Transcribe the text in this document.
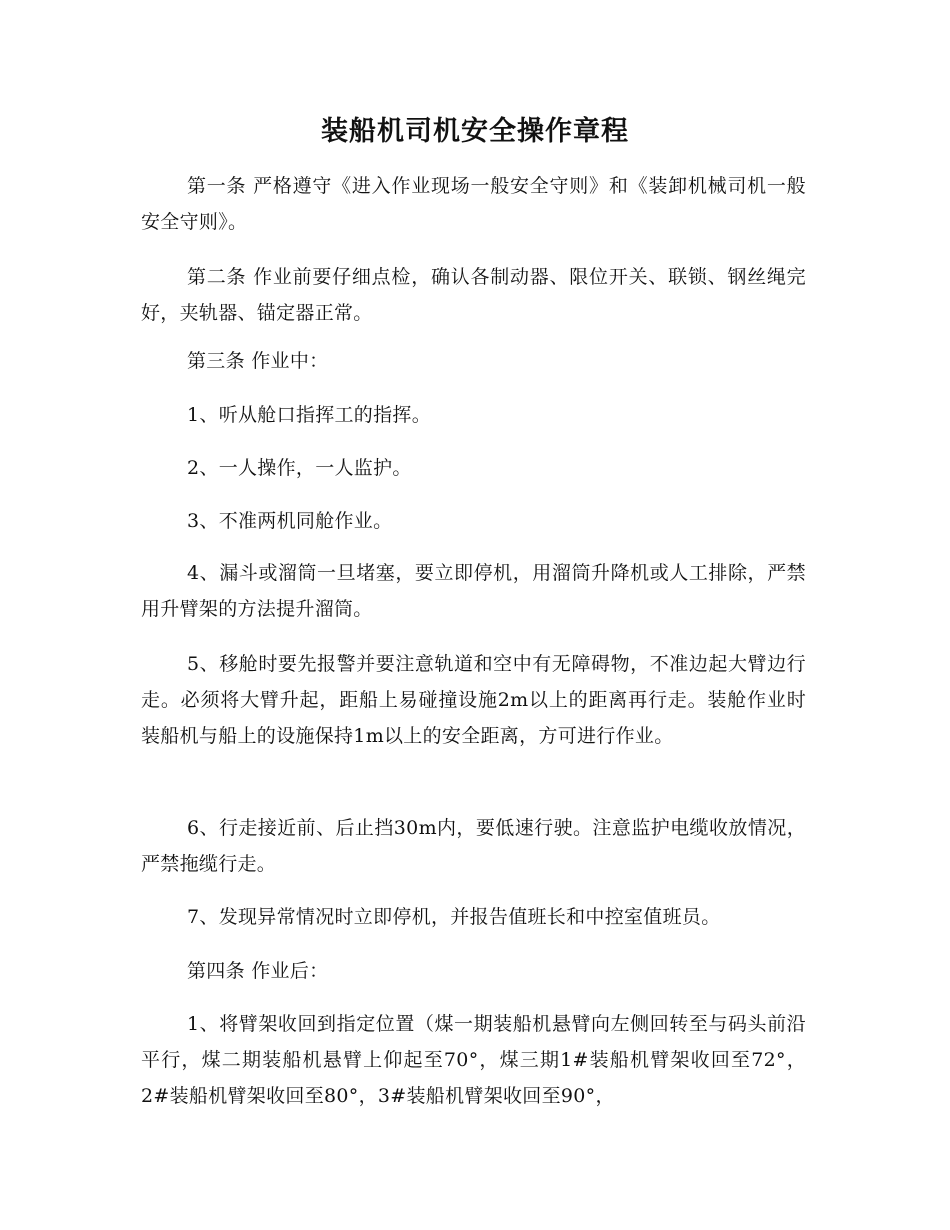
装船机司机安全操作章程

第一条 严格遵守《进入作业现场一般安全守则》和《装卸机械司机一般安全守则》。

第二条 作业前要仔细点检，确认各制动器、限位开关、联锁、钢丝绳完好，夹轨器、锚定器正常。

第三条 作业中：

1、听从舱口指挥工的指挥。

2、一人操作，一人监护。

3、不准两机同舱作业。

4、漏斗或溜筒一旦堵塞，要立即停机，用溜筒升降机或人工排除，严禁用升臂架的方法提升溜筒。

5、移舱时要先报警并要注意轨道和空中有无障碍物，不准边起大臂边行走。必须将大臂升起，距船上易碰撞设施2m以上的距离再行走。装舱作业时装船机与船上的设施保持1m以上的安全距离，方可进行作业。

6、行走接近前、后止挡30m内，要低速行驶。注意监护电缆收放情况，严禁拖缆行走。

7、发现异常情况时立即停机，并报告值班长和中控室值班员。

第四条 作业后：

1、将臂架收回到指定位置（煤一期装船机悬臂向左侧回转至与码头前沿平行，煤二期装船机悬臂上仰起至70°，煤三期1#装船机臂架收回至72°，2#装船机臂架收回至80°，3#装船机臂架收回至90°，
